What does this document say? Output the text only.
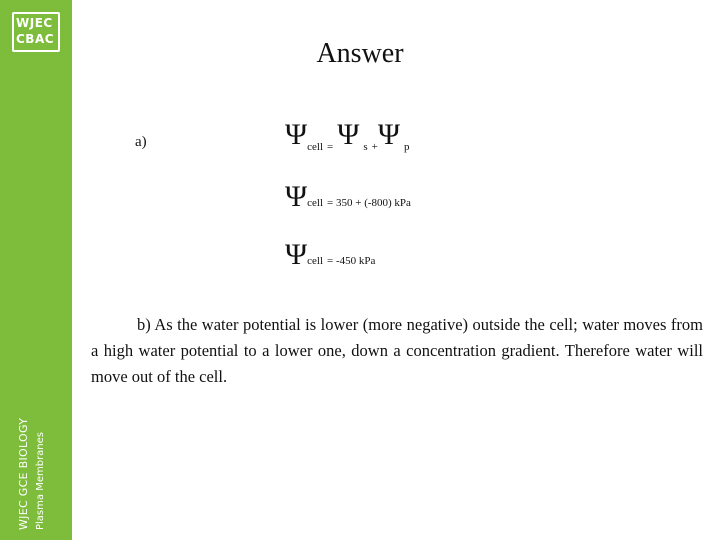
WJEC
CBAC
WJEC GCE BIOLOGY Plasma Membranes
Answer
a)	$\Psi_{cell}$ $_=$ Ψ $_s$ $_+$Ψ $_p$
Ψcell = 350 + (-800) kPa
Ψcell = -450 kPa
b) As the water potential is lower (more negative) outside the cell; water moves from a high water potential to a lower one, down a concentration gradient. Therefore water will move out of the cell.
